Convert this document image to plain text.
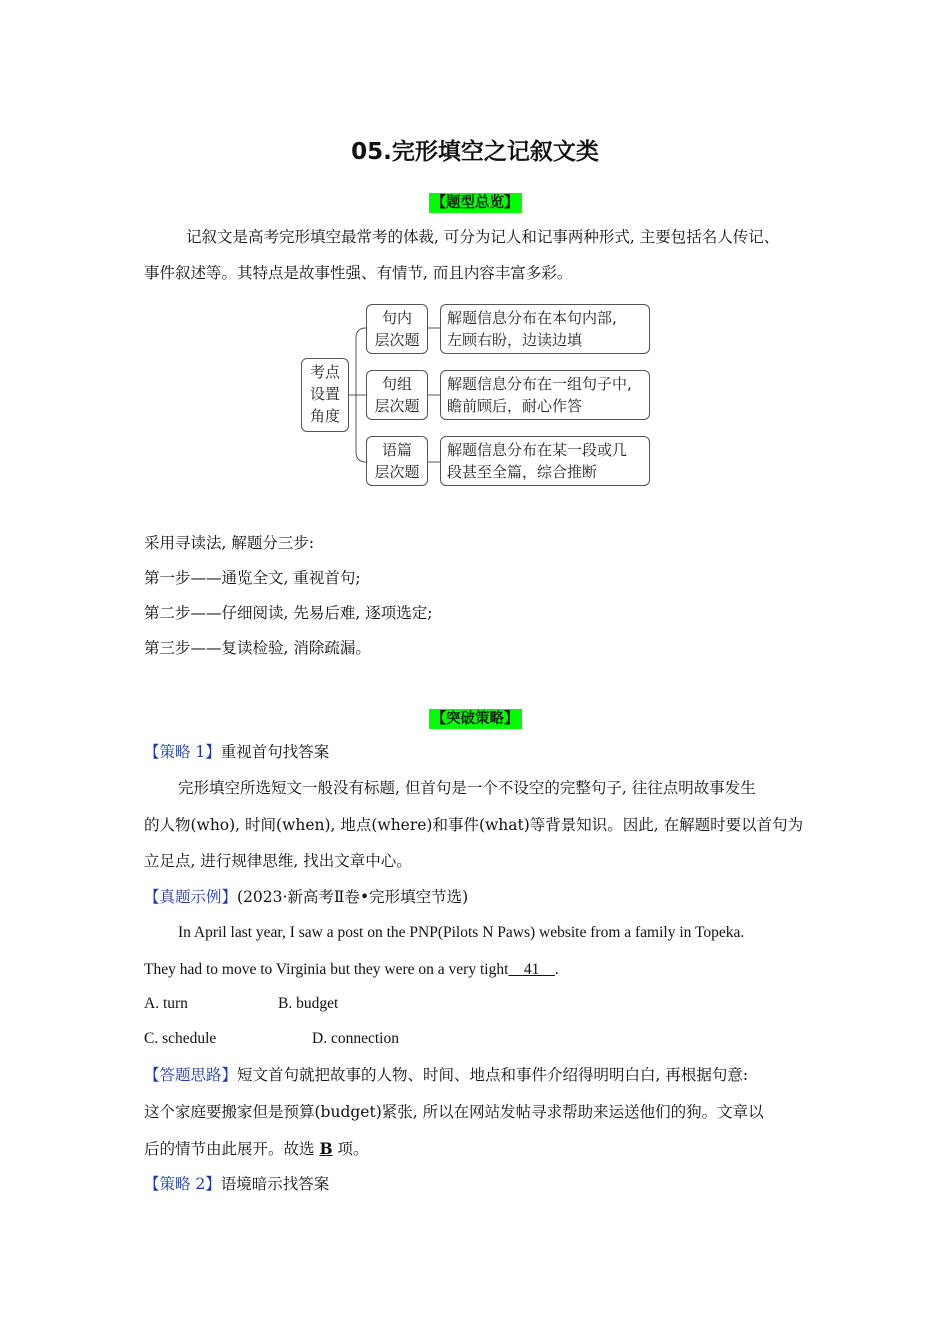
05.完形填空之记叙文类
【题型总览】
记叙文是高考完形填空最常考的体裁, 可分为记人和记事两种形式, 主要包括名人传记、
事件叙述等。其特点是故事性强、有情节, 而且内容丰富多彩。
考点
设置
角度
句内
层次题
解题信息分布在本句内部,
左顾右盼，边读边填
句组
层次题
解题信息分布在一组句子中,
瞻前顾后，耐心作答
语篇
层次题
解题信息分布在某一段或几
段甚至全篇，综合推断
采用寻读法, 解题分三步:
第一步——通览全文, 重视首句;
第二步——仔细阅读, 先易后难, 逐项选定;
第三步——复读检验, 消除疏漏。
【突破策略】
【策略 1】重视首句找答案
完形填空所选短文一般没有标题, 但首句是一个不设空的完整句子, 往往点明故事发生
的人物(who), 时间(when), 地点(where)和事件(what)等背景知识。因此, 在解题时要以首句为
立足点, 进行规律思维, 找出文章中心。
【真题示例】(2023·新高考Ⅱ卷•完形填空节选)
In April last year, I saw a post on the PNP(Pilots N Paws) website from a family in Topeka.
They had to move to Virginia but they were on a very tight    41    .
A. turn	B. budget
C. schedule	D. connection
【答题思路】短文首句就把故事的人物、时间、地点和事件介绍得明明白白, 再根据句意:
这个家庭要搬家但是预算(budget)紧张, 所以在网站发帖寻求帮助来运送他们的狗。文章以
后的情节由此展开。故选 B 项。
【策略 2】语境暗示找答案
